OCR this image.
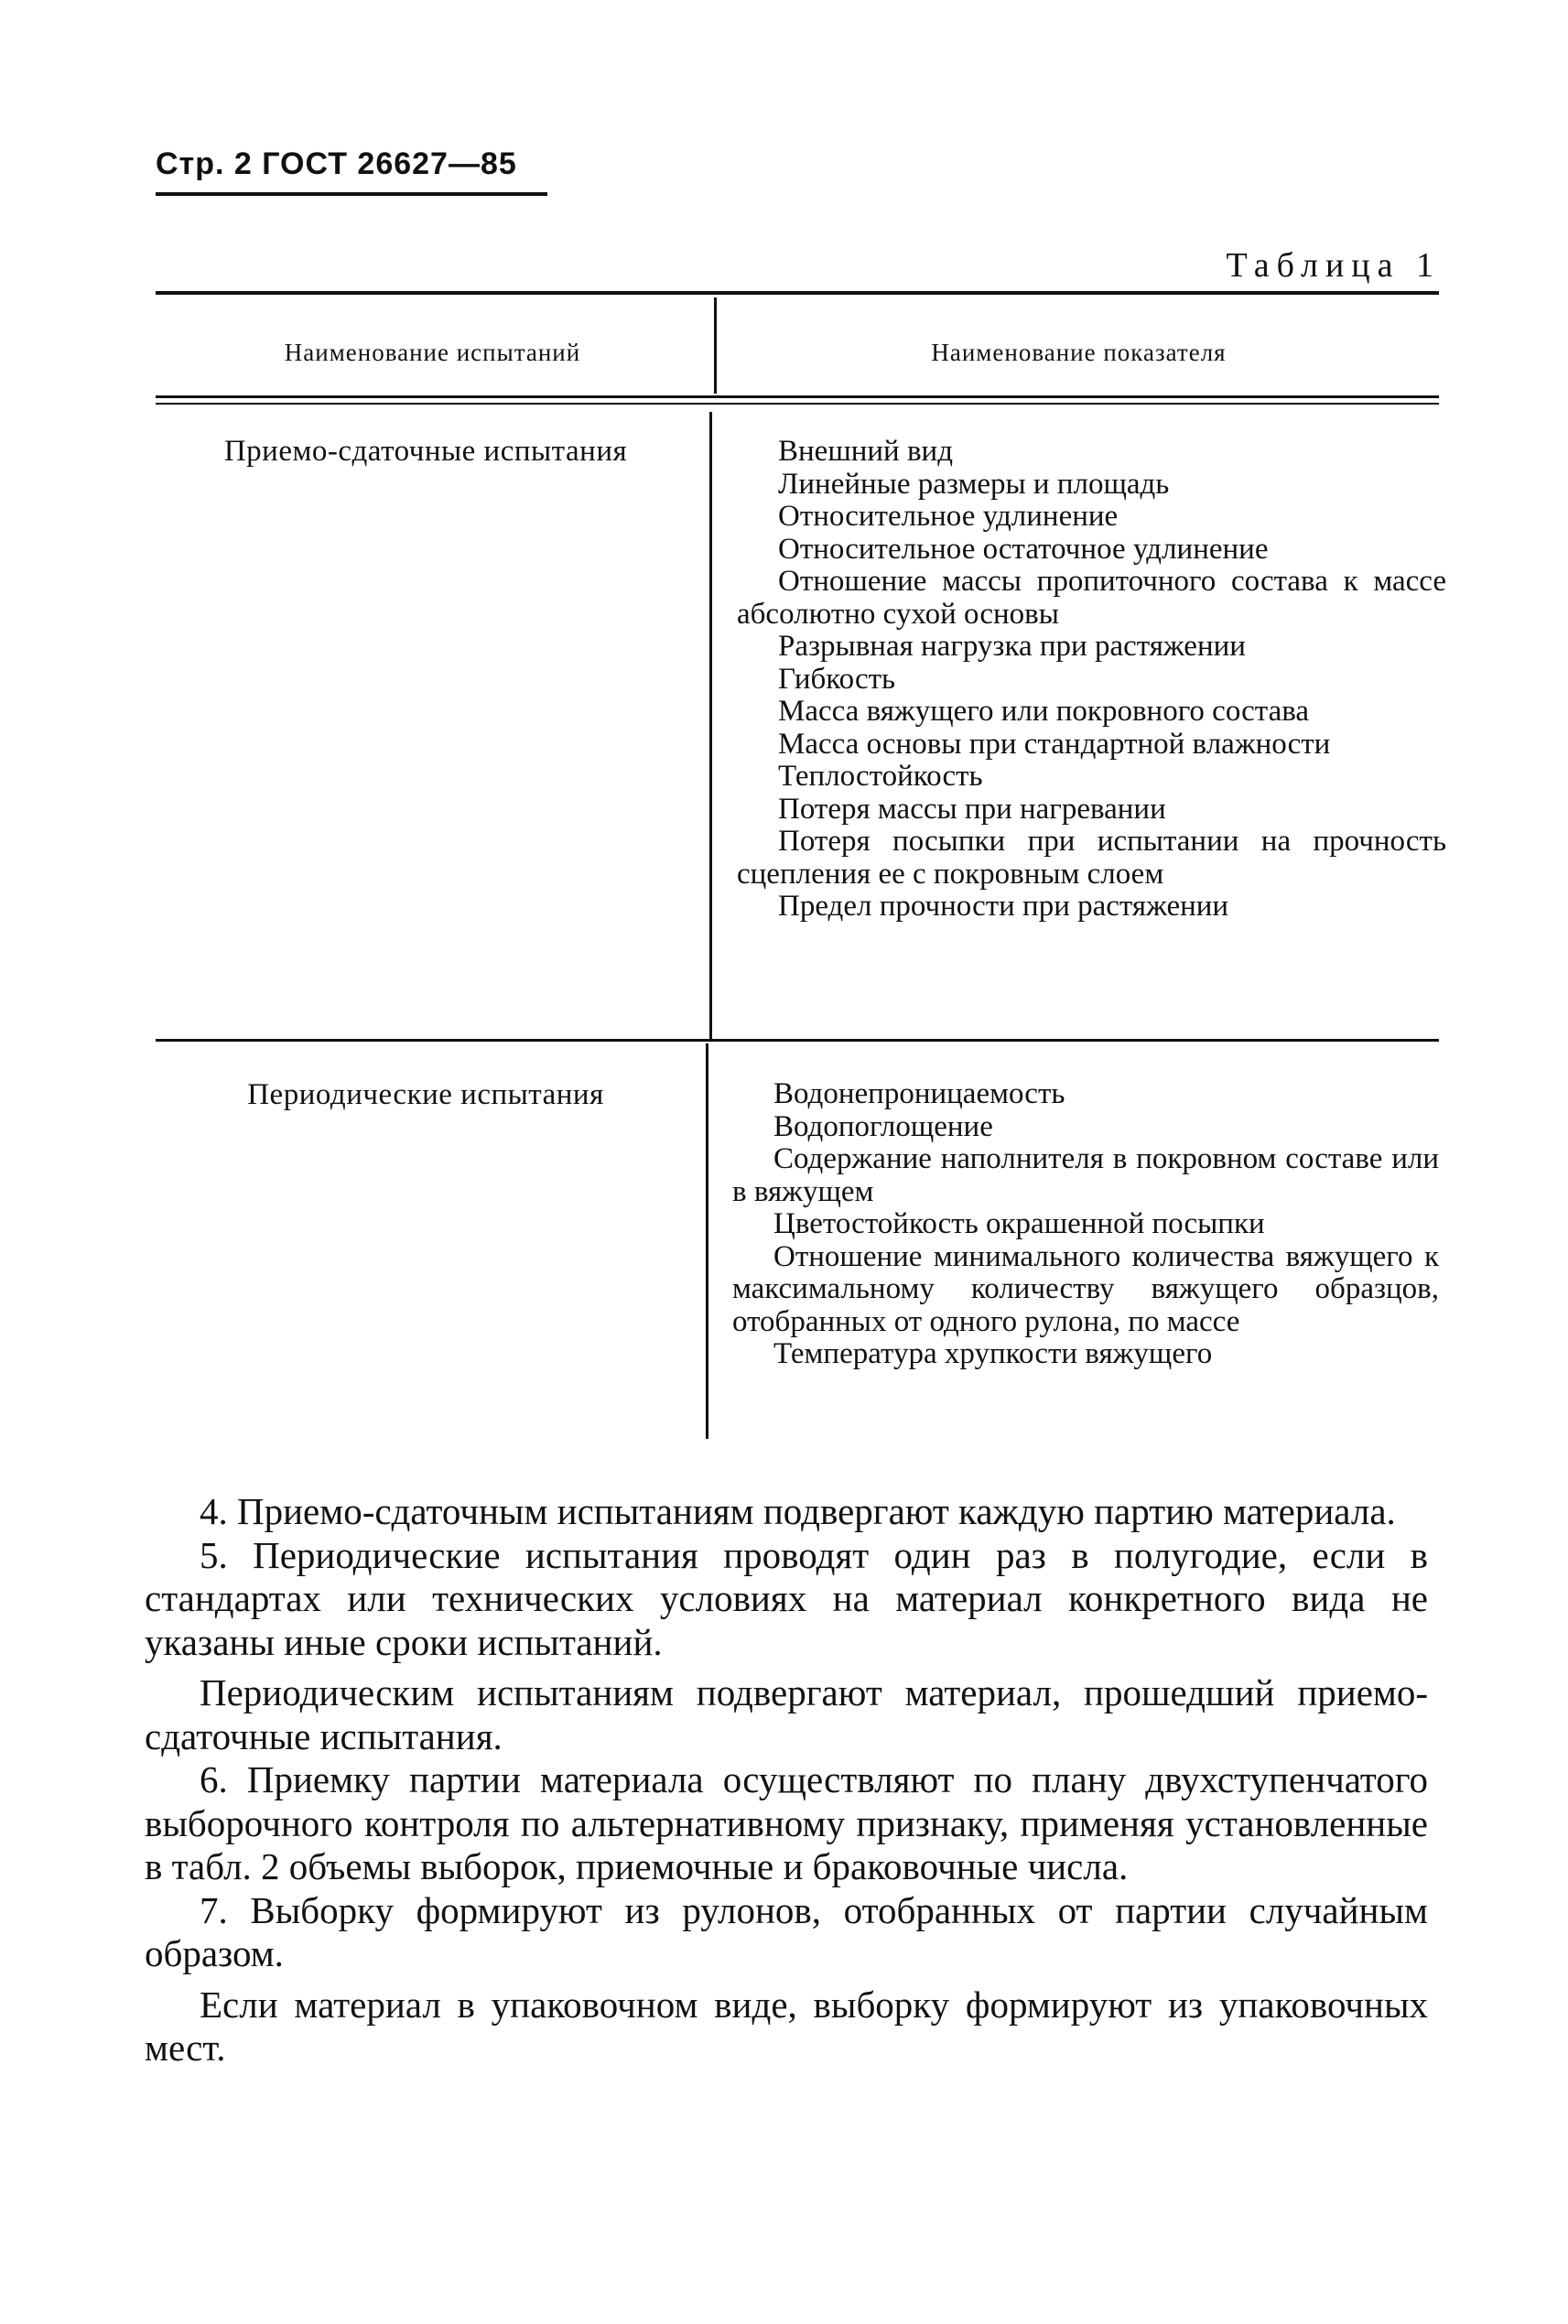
Стр. 2 ГОСТ 26627—85
Таблица 1
Наименование испытаний	Наименование показателя
Приемо-сдаточные испытания	Внешний вид
Линейные размеры и площадь
Относительное удлинение
Относительное остаточное удлинение
Отношение массы пропиточного состава к массе абсолютно сухой основы
Разрывная нагрузка при растяжении
Гибкость
Масса вяжущего или покровного состава
Масса основы при стандартной влажности
Теплостойкость
Потеря массы при нагревании
Потеря посыпки при испытании на прочность сцепления ее с покровным слоем
Предел прочности при растяжении
Периодические испытания	Водонепроницаемость
Водопоглощение
Содержание наполнителя в покровном составе или в вяжущем
Цветостойкость окрашенной посыпки
Отношение минимального количества вяжущего к максимальному количеству вяжущего образцов, отобранных от одного рулона, по массе
Температура хрупкости вяжущего

4. Приемо-сдаточным испытаниям подвергают каждую партию материала.

5. Периодические испытания проводят один раз в полугодие, если в стандартах или технических условиях на материал конкретного вида не указаны иные сроки испытаний.

Периодическим испытаниям подвергают материал, прошедший приемо-сдаточные испытания.

6. Приемку партии материала осуществляют по плану двухступенчатого выборочного контроля по альтернативному признаку, применяя установленные в табл. 2 объемы выборок, приемочные и браковочные числа.

7. Выборку формируют из рулонов, отобранных от партии случайным образом.

Если материал в упаковочном виде, выборку формируют из упаковочных мест.
